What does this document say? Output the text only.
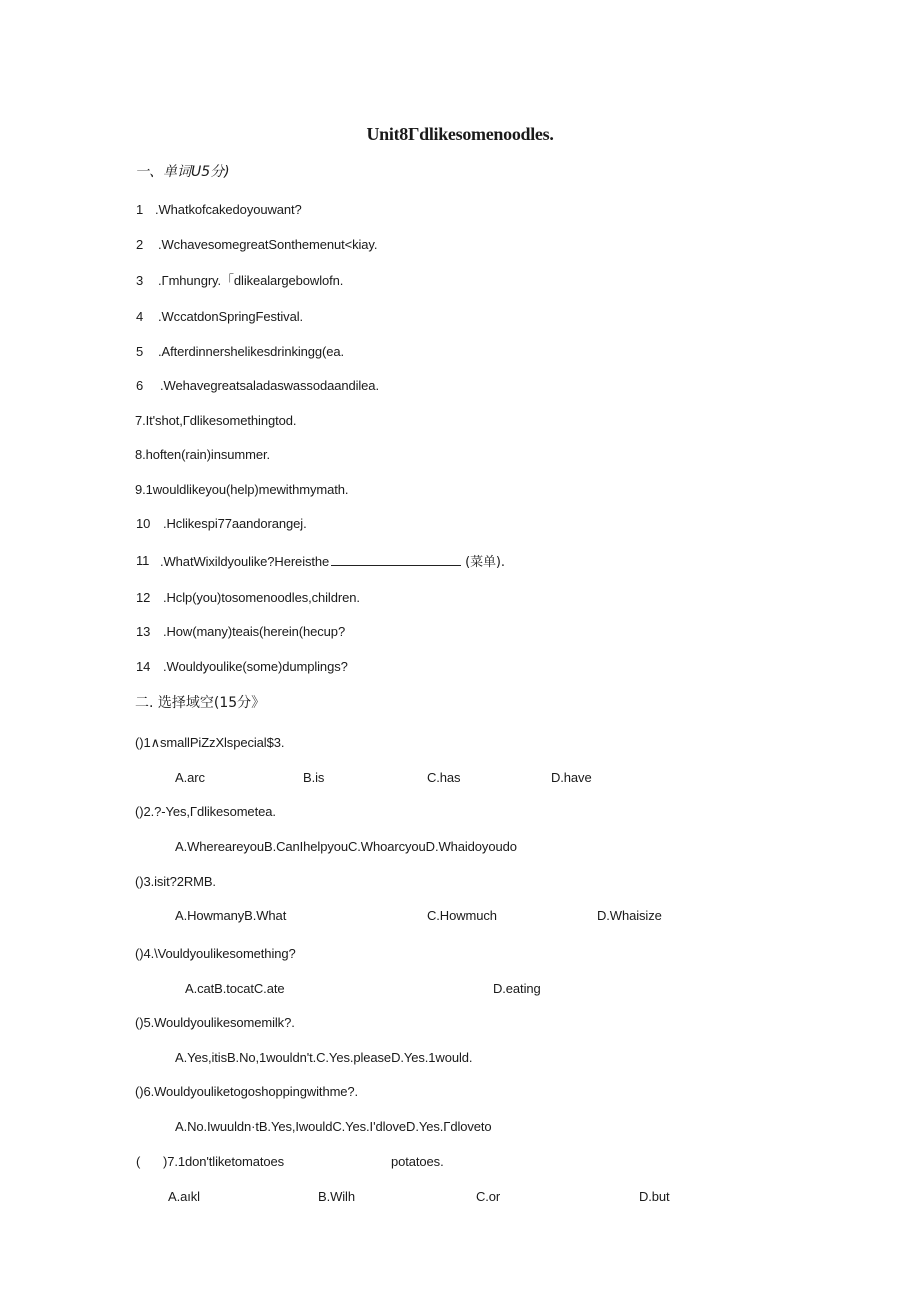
Unit8Γdlikesomenoodles.
一、单词U5分)
1 .Whatkofcakedoyouwant?
2 .WchavesomegreatSonthemenut<kiay.
3 .Γmhungry.「dlikealargebowlofn.
4 .WccatdonSpringFestival.
5 .Afterdinnershelikesdrinkingg(ea.
6 .Wehavegreatsaladaswassodaandilea.
7.It'shot,Γdlikesomethingtod.
8.hoften(rain)insummer.
9.1wouldlikeyou(help)mewithmymath.
10 .Hclikespi77aandorangej.
11 .WhatWixildyoulike?Hereisthe	(菜单).
12 .Hclp(you)tosomenoodles,children.
13 .How(many)teais(herein(hecup?
14 .Wouldyoulike(some)dumplings?
二. 选择域空(15分》
()1∧smallPiZzXlspecial$3.
A.arc	B.is	C.has	D.have
()2.?-Yes,Γdlikesometea.
A.WhereareyouB.CanIhelpyouC.WhoarcyouD.Whaidoyoudo
()3.isit?2RMB.
A.HowmanyB.What	C.Howmuch	D.Whaisize
()4.\Vouldyoulikesomething?
A.catB.tocatC.ate	D.eating
()5.Wouldyoulikesomemilk?.
A.Yes,itisB.No,1wouldn't.C.Yes.pleaseD.Yes.1would.
()6.Wouldyouliketogoshoppingwithme?.
A.No.Iwuuldn·tB.Yes,IwouldC.Yes.I'dloveD.Yes.Γdloveto
( )7.1don'tliketomatoes	potatoes.
A.aıkl	B.Wilh	C.or	D.but
